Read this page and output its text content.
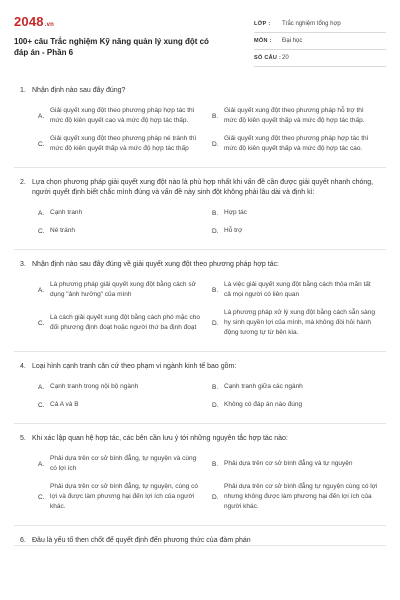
2048 .vn
100+ câu Trắc nghiệm Kỹ năng quản lý xung đột có đáp án - Phần 6
LỚP :	Trắc nghiệm tổng hợp
MÔN :	Đại học
SỐ CÂU : 20
1. Nhận định nào sau đây đúng?
A.
Giải quyết xung đột theo phương pháp hợp tác thì mức độ kiên quyết cao và mức độ hợp tác thấp.
B.
Giải quyết xung đột theo phương pháp hỗ trợ thì mức độ kiên quyết thấp và mức độ hợp tác thấp.
C.
Giải quyết xung đột theo phương pháp né tránh thì mức độ kiên quyết thấp và mức độ hợp tác thấp
D.
Giải quyết xung đột theo phương pháp hợp tác thì mức độ kiên quyết thấp và mức độ hợp tác cao.
2. Lựa chọn phương pháp giải quyết xung đột nào là phù hợp nhất khi vấn đề cần được giải quyết nhanh chóng, người quyết định biết chắc mình đúng và vấn đề này sinh đột không phải lâu dài và định kì:
A. Cạnh tranh	B. Hợp tác
C. Né tránh	D. Hỗ trợ
3. Nhận định nào sau đây đúng về giải quyết xung đột theo phương pháp hợp tác:
A.
Là phương pháp giải quyết xung đột bằng cách sử dụng "ảnh hưởng" của mình
B.
Là việc giải quyết xung đột bằng cách thỏa mãn tất cả mọi người có liên quan
C.
Là cách giải quyết xung đột bằng cách phó mặc cho đối phương định đoạt hoặc người thứ ba định đoạt
D.
Là phương pháp xử lý xung đột bằng cách sẵn sàng hy sinh quyền lợi của mình, mà không đòi hỏi hành động tương tự từ bên kia.
4. Loại hình cạnh tranh căn cứ theo phạm vi ngành kinh tế bao gồm:
A. Cạnh tranh trong nội bộ ngành	B. Cạnh tranh giữa các ngành
C. Cả A và B	D. Không có đáp án nào đúng
5. Khi xác lập quan hệ hợp tác, các bên cần lưu ý tới những nguyên tắc hợp tác nào:
A.
Phải dựa trên cơ sở bình đẳng, tự nguyện và cùng có lợi ích
B. Phải dựa trên cơ sở bình đẳng và tự nguyện
C.
Phải dựa trên cơ sở bình đẳng, tự nguyện, cùng có lợi và được làm phương hại đến lợi ích của người khác.
D.
Phải dựa trên cơ sở bình đẳng tự nguyện cùng có lợi nhưng không được làm phương hại đến lợi ích của người khác.
6. Đâu là yếu tố then chốt để quyết định đến phương thức của đàm phán
